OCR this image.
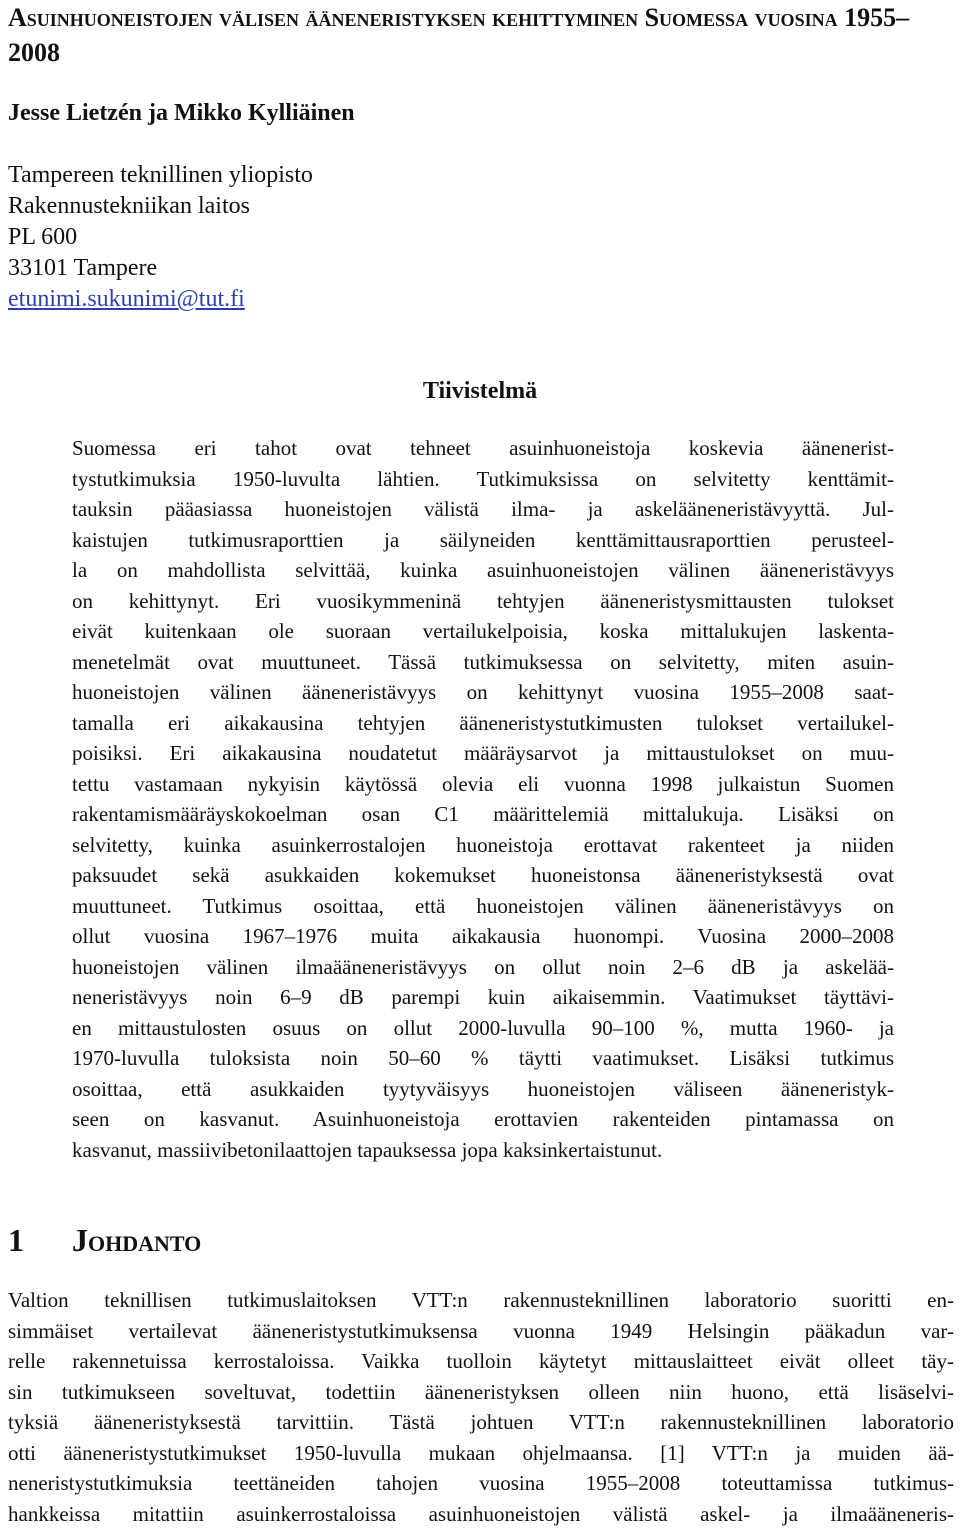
Asuinhuoneistojen välisen ääneneristyksen kehittyminen Suomessa vuosina 1955–2008
Jesse Lietzén ja Mikko Kylliäinen
Tampereen teknillinen yliopisto
Rakennustekniikan laitos
PL 600
33101 Tampere
etunimi.sukunimi@tut.fi
Tiivistelmä
Suomessa eri tahot ovat tehneet asuinhuoneistoja koskevia äänenerist-
tystutkimuksia 1950-luvulta lähtien. Tutkimuksissa on selvitetty kenttämit-
tauksin pääasiassa huoneistojen välistä ilma- ja askelääneneristävyyttä. Jul-
kaistujen tutkimusraporttien ja säilyneiden kenttämittausraporttien perusteel-
la on mahdollista selvittää, kuinka asuinhuoneistojen välinen ääneneristävyys
on kehittynyt. Eri vuosikymmeninä tehtyjen ääneneristysmittausten tulokset
eivät kuitenkaan ole suoraan vertailukelpoisia, koska mittalukujen laskenta-
menetelmät ovat muuttuneet. Tässä tutkimuksessa on selvitetty, miten asuin-
huoneistojen välinen ääneneristävyys on kehittynyt vuosina 1955–2008 saat-
tamalla eri aikakausina tehtyjen ääneneristystutkimusten tulokset vertailukel-
poisiksi. Eri aikakausina noudatetut määräysarvot ja mittaustulokset on muu-
tettu vastamaan nykyisin käytössä olevia eli vuonna 1998 julkaistun Suomen
rakentamismääräyskokoelman osan C1 määrittelemiä mittalukuja. Lisäksi on
selvitetty, kuinka asuinkerrostalojen huoneistoja erottavat rakenteet ja niiden
paksuudet sekä asukkaiden kokemukset huoneistonsa ääneneristyksestä ovat
muuttuneet. Tutkimus osoittaa, että huoneistojen välinen ääneneristävyys on
ollut vuosina 1967–1976 muita aikakausia huonompi. Vuosina 2000–2008
huoneistojen välinen ilmaääneneristävyys on ollut noin 2–6 dB ja askelää-
neneristävyys noin 6–9 dB parempi kuin aikaisemmin. Vaatimukset täyttävi-
en mittaustulosten osuus on ollut 2000-luvulla 90–100 %, mutta 1960- ja
1970-luvulla tuloksista noin 50–60 % täytti vaatimukset. Lisäksi tutkimus
osoittaa, että asukkaiden tyytyväisyys huoneistojen väliseen ääneneristyk-
seen on kasvanut. Asuinhuoneistoja erottavien rakenteiden pintamassa on
kasvanut, massiivibetonilaattojen tapauksessa jopa kaksinkertaistunut.
1 Johdanto
Valtion teknillisen tutkimuslaitoksen VTT:n rakennusteknillinen laboratorio suoritti en-
simmäiset vertailevat ääneneristystutkimuksensa vuonna 1949 Helsingin pääkadun var-
relle rakennetuissa kerrostaloissa. Vaikka tuolloin käytetyt mittauslaitteet eivät olleet täy-
sin tutkimukseen soveltuvat, todettiin ääneneristyksen olleen niin huono, että lisäselvi-
tyksiä ääneneristyksestä tarvittiin. Tästä johtuen VTT:n rakennusteknillinen laboratorio
otti ääneneristystutkimukset 1950-luvulla mukaan ohjelmaansa. [1] VTT:n ja muiden ää-
neneristystutkimuksia teettäneiden tahojen vuosina 1955–2008 toteuttamissa tutkimus-
hankkeissa mitattiin asuinkerrostaloissa asuinhuoneistojen välistä askel- ja ilmaääneneris-
